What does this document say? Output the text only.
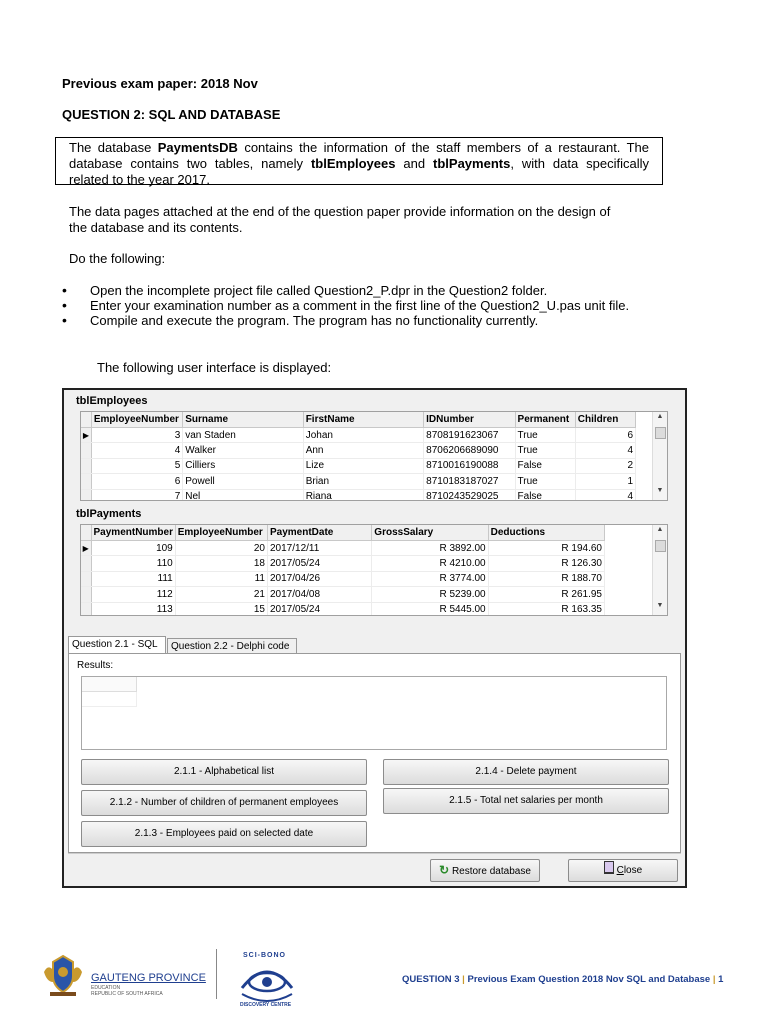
Previous exam paper: 2018 Nov
QUESTION 2: SQL AND DATABASE
The database PaymentsDB contains the information of the staff members of a restaurant. The database contains two tables, namely tblEmployees and tblPayments, with data specifically related to the year 2017.
The data pages attached at the end of the question paper provide information on the design of the database and its contents.
Do the following:
• Open the incomplete project file called Question2_P.dpr in the Question2 folder.
• Enter your examination number as a comment in the first line of the Question2_U.pas unit file.
• Compile and execute the program. The program has no functionality currently.
The following user interface is displayed:
tblEmployees
	EmployeeNumber	Surname	FirstName	IDNumber	Permanent	Children
▶	3	van Staden	Johan	8708191623067	True	6
	4	Walker	Ann	8706206689090	True	4
	5	Cilliers	Lize	8710016190088	False	2
	6	Powell	Brian	8710183187027	True	1
	7	Nel	Riana	8710243529025	False	4
▲
▼
tblPayments
	PaymentNumber	EmployeeNumber	PaymentDate	GrossSalary	Deductions
▶	109	20	2017/12/11	R 3892.00	R 194.60
	110	18	2017/05/24	R 4210.00	R 126.30
	111	11	2017/04/26	R 3774.00	R 188.70
	112	21	2017/04/08	R 5239.00	R 261.95
	113	15	2017/05/24	R 5445.00	R 163.35
▲
▼
Question 2.1 - SQL	Question 2.2 - Delphi code
Results:
2.1.1 - Alphabetical list	2.1.4 - Delete payment
2.1.2 - Number of children of permanent employees	2.1.5 - Total net salaries per month
2.1.3 - Employees paid on selected date
↻ Restore database	Close
GAUTENG PROVINCE
EDUCATION
REPUBLIC OF SOUTH AFRICA
SCI-BONO
DISCOVERY CENTRE
QUESTION 3 | Previous Exam Question 2018 Nov SQL and Database | 1
